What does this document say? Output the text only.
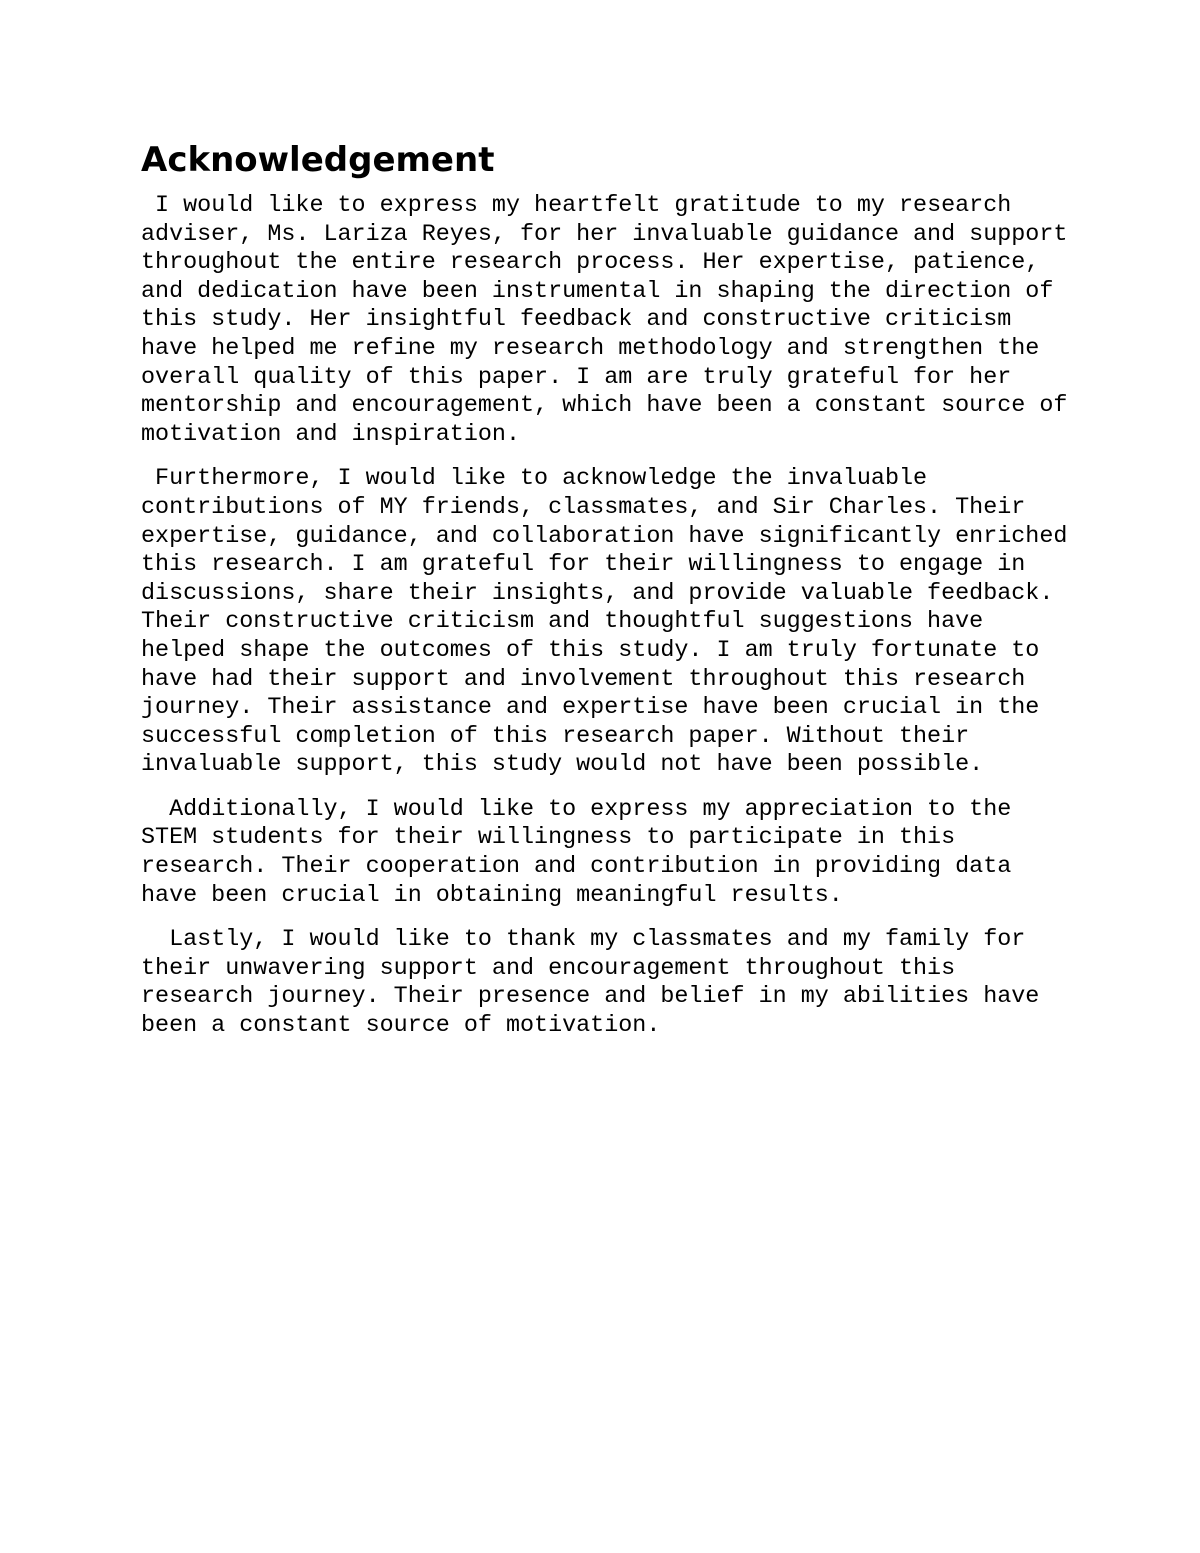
Acknowledgement

I would like to express my heartfelt gratitude to my research adviser, Ms. Lariza Reyes, for her invaluable guidance and support throughout the entire research process. Her expertise, patience, and dedication have been instrumental in shaping the direction of this study. Her insightful feedback and constructive criticism have helped me refine my research methodology and strengthen the overall quality of this paper. I am are truly grateful for her mentorship and encouragement, which have been a constant source of motivation and inspiration.

Furthermore, I would like to acknowledge the invaluable contributions of MY friends, classmates, and Sir Charles. Their expertise, guidance, and collaboration have significantly enriched this research. I am grateful for their willingness to engage in discussions, share their insights, and provide valuable feedback. Their constructive criticism and thoughtful suggestions have helped shape the outcomes of this study. I am truly fortunate to have had their support and involvement throughout this research journey. Their assistance and expertise have been crucial in the successful completion of this research paper. Without their invaluable support, this study would not have been possible.

Additionally, I would like to express my appreciation to the STEM students for their willingness to participate in this research. Their cooperation and contribution in providing data have been crucial in obtaining meaningful results.

Lastly, I would like to thank my classmates and my family for their unwavering support and encouragement throughout this research journey. Their presence and belief in my abilities have been a constant source of motivation.
